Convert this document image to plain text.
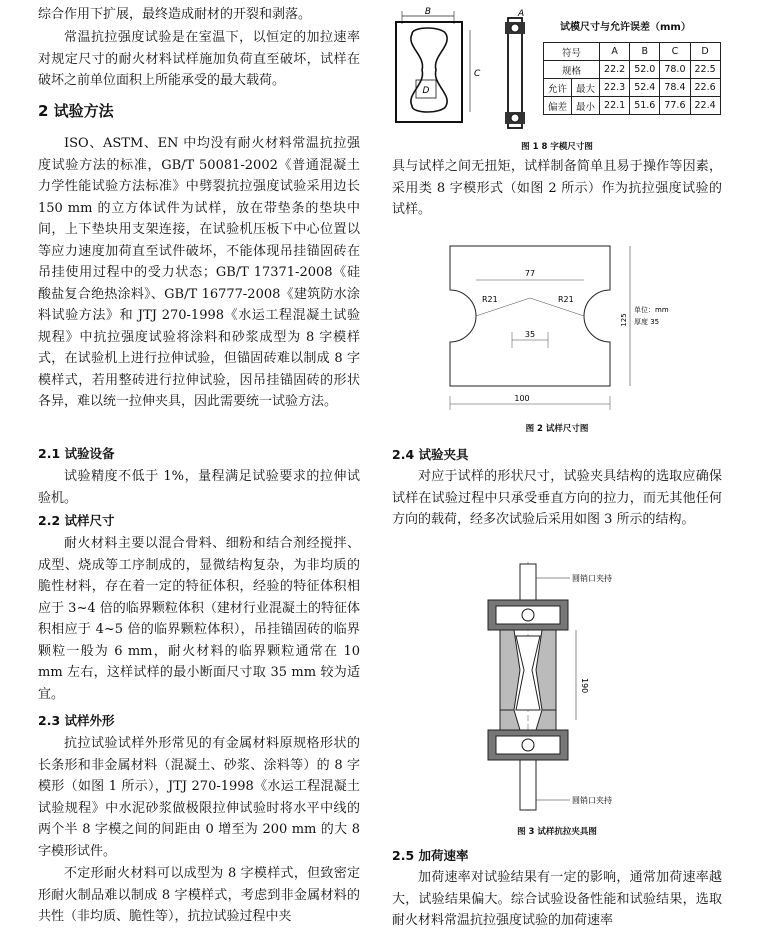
综合作用下扩展，最终造成耐材的开裂和剥落。

常温抗拉强度试验是在室温下，以恒定的加拉速率对规定尺寸的耐火材料试样施加负荷直至破坏，试样在破坏之前单位面积上所能承受的最大载荷。

2 试验方法

ISO、ASTM、EN 中均没有耐火材料常温抗拉强度试验方法的标准，GB/T 50081-2002《普通混凝土力学性能试验方法标准》中劈裂抗拉强度试验采用边长 150 mm 的立方体试件为试样，放在带垫条的垫块中间，上下垫块用支架连接，在试验机压板下中心位置以等应力速度加荷直至试件破坏，不能体现吊挂锚固砖在吊挂使用过程中的受力状态；GB/T 17371-2008《硅酸盐复合绝热涂料》、GB/T 16777-2008《建筑防水涂料试验方法》和 JTJ 270-1998《水运工程混凝土试验规程》中抗拉强度试验将涂料和砂浆成型为 8 字模样式，在试验机上进行拉伸试验，但锚固砖难以制成 8 字模样式，若用整砖进行拉伸试验，因吊挂锚固砖的形状各异，难以统一拉伸夹具，因此需要统一试验方法。

2.1 试验设备

试验精度不低于 1%，量程满足试验要求的拉伸试验机。

2.2 试样尺寸

耐火材料主要以混合骨料、细粉和结合剂经搅拌、成型、烧成等工序制成的，显微结构复杂，为非均质的脆性材料，存在着一定的特征体积，经验的特征体积相应于 3~4 倍的临界颗粒体积（建材行业混凝土的特征体积相应于 4~5 倍的临界颗粒体积），吊挂锚固砖的临界颗粒一般为 6 mm，耐火材料的临界颗粒通常在 10 mm 左右，这样试样的最小断面尺寸取 35 mm 较为适宜。

2.3 试样外形

抗拉试验试样外形常见的有金属材料原规格形状的长条形和非金属材料（混凝土、砂浆、涂料等）的 8 字模形（如图 1 所示），JTJ 270-1998《水运工程混凝土试验规程》中水泥砂浆做极限拉伸试验时将水平中线的两个半 8 字模之间的间距由 0 增至为 200 mm 的大 8 字模形试件。

不定形耐火材料可以成型为 8 字模样式，但致密定形耐火制品难以制成 8 字模样式，考虑到非金属材料的共性（非均质、脆性等），抗拉试验过程中夹

B
D
C
A
试模尺寸与允许误差（mm）
符号		A	B	C	D
规格		22.2	52.0	78.0	22.5
允许	最大	22.3	52.4	78.4	22.6
偏差	最小	22.1	51.6	77.6	22.4
图 1 8 字模尺寸图

具与试样之间无扭矩，试样制备简单且易于操作等因素，采用类 8 字模形式（如图 2 所示）作为抗拉强度试验的试样。

77
R21	R21
35
100
125
单位：mm
厚度 35
图 2 试样尺寸图
2.4 试验夹具

对应于试样的形状尺寸，试验夹具结构的选取应确保试样在试验过程中只承受垂直方向的拉力，而无其他任何方向的载荷，经多次试验后采用如图 3 所示的结构。

圆销口夹持
圆销口夹持
190
图 3 试样抗拉夹具图
2.5 加荷速率

加荷速率对试验结果有一定的影响，通常加荷速率越大，试验结果偏大。综合试验设备性能和试验结果，选取耐火材料常温抗拉强度试验的加荷速率
